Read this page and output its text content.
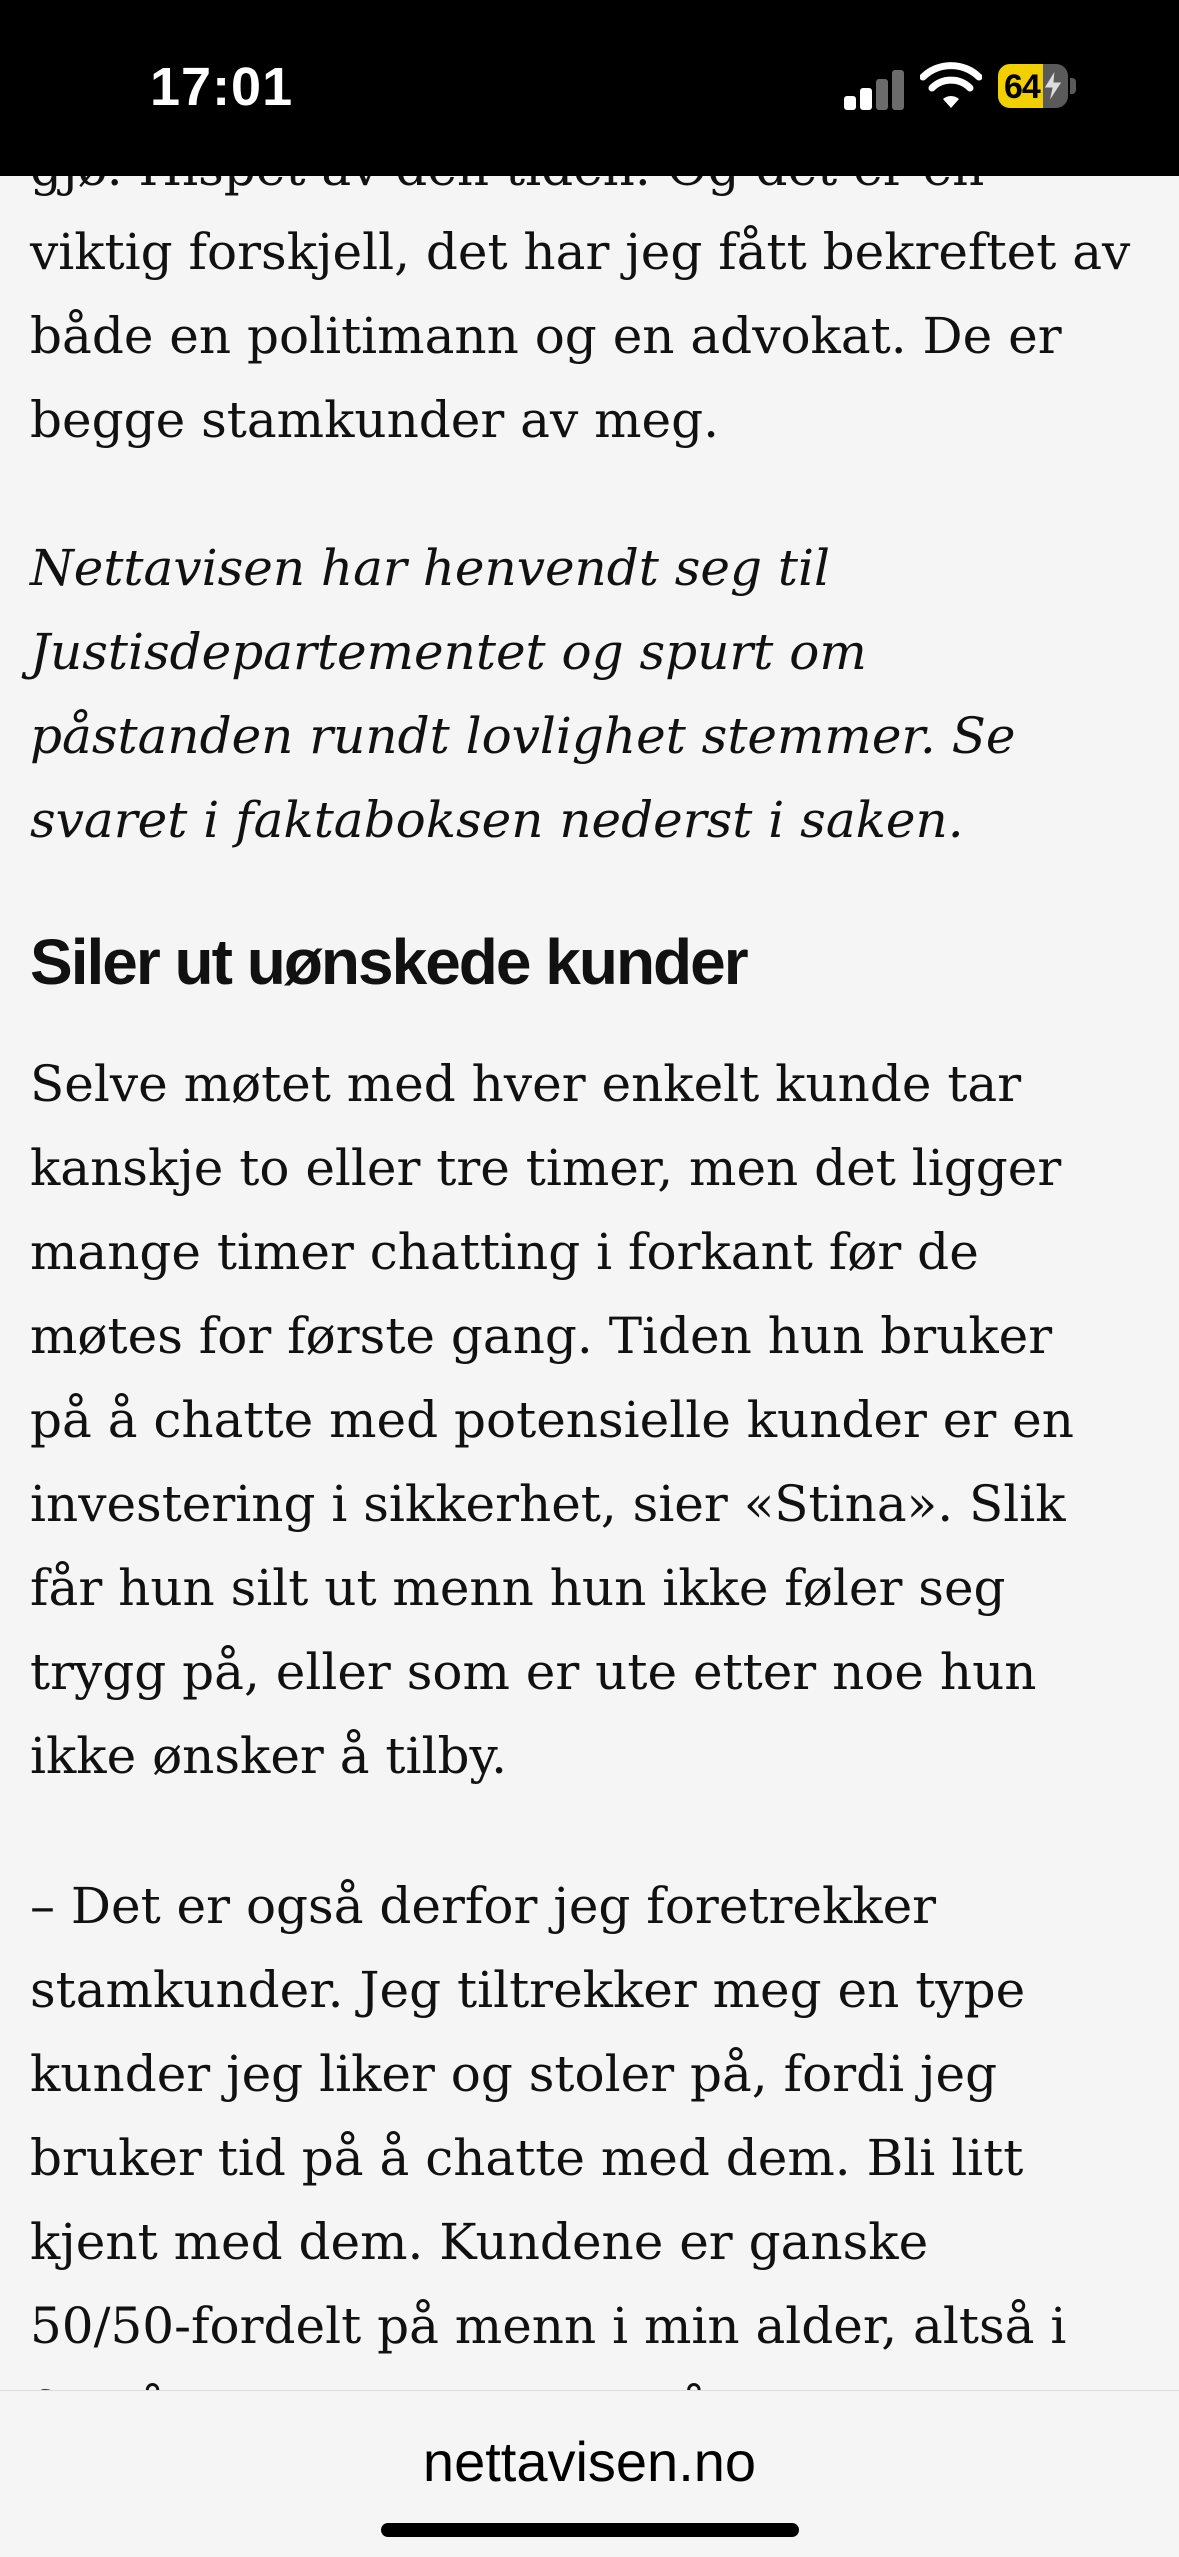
17:01	64
viktig forskjell, det har jeg fått bekreftet av
både en politimann og en advokat. De er
begge stamkunder av meg.
Nettavisen har henvendt seg til
Justisdepartementet og spurt om
påstanden rundt lovlighet stemmer. Se
svaret i faktaboksen nederst i saken.
Siler ut uønskede kunder
Selve møtet med hver enkelt kunde tar
kanskje to eller tre timer, men det ligger
mange timer chatting i forkant før de
møtes for første gang. Tiden hun bruker
på å chatte med potensielle kunder er en
investering i sikkerhet, sier «Stina». Slik
får hun silt ut menn hun ikke føler seg
trygg på, eller som er ute etter noe hun
ikke ønsker å tilby.
– Det er også derfor jeg foretrekker
stamkunder. Jeg tiltrekker meg en type
kunder jeg liker og stoler på, fordi jeg
bruker tid på å chatte med dem. Bli litt
kjent med dem. Kundene er ganske
50/50-fordelt på menn i min alder, altså i
nettavisen.no
